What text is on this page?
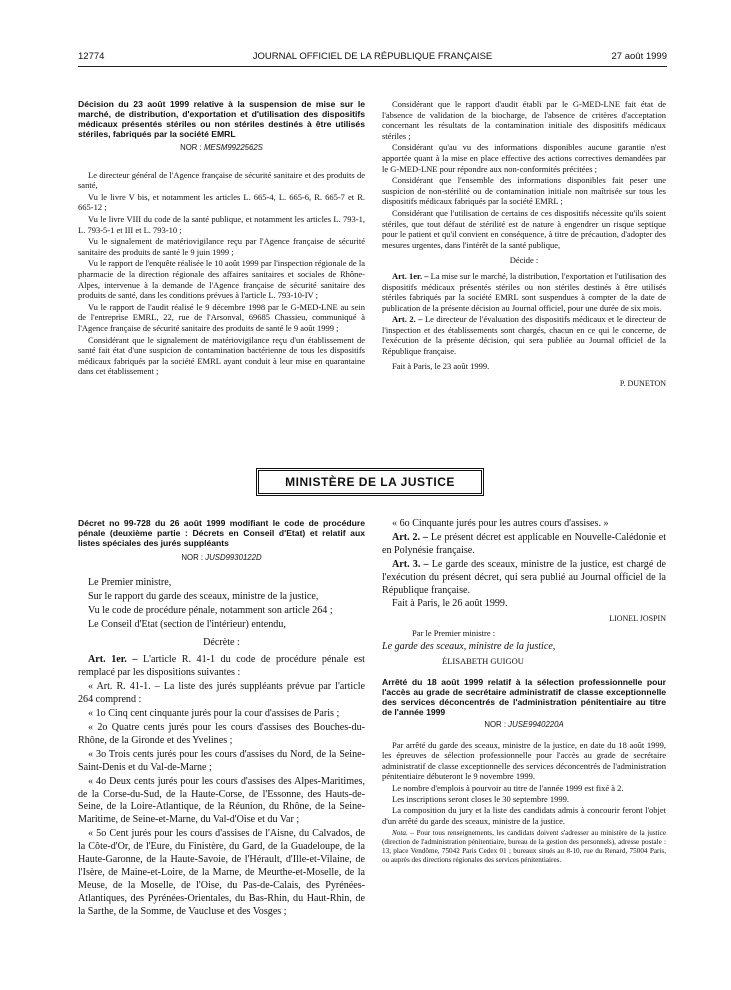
12774	JOURNAL OFFICIEL DE LA RÉPUBLIQUE FRANÇAISE	27 août 1999

Décision du 23 août 1999 relative à la suspension de mise sur le marché, de distribution, d'exportation et d'utilisation des dispositifs médicaux présentés stériles ou non stériles destinés à être utilisés stériles, fabriqués par la société EMRL

NOR : MESM9922562S

Le directeur général de l'Agence française de sécurité sanitaire et des produits de santé,

Vu le livre V bis, et notamment les articles L. 665-4, L. 665-6, R. 665-7 et R. 665-12 ;

Vu le livre VIII du code de la santé publique, et notamment les articles L. 793-1, L. 793-5-1 et III et L. 793-10 ;

Vu le signalement de matériovigilance reçu par l'Agence française de sécurité sanitaire des produits de santé le 9 juin 1999 ;

Vu le rapport de l'enquête réalisée le 10 août 1999 par l'inspection régionale de la pharmacie de la direction régionale des affaires sanitaires et sociales de Rhône-Alpes, intervenue à la demande de l'Agence française de sécurité sanitaire des produits de santé, dans les conditions prévues à l'article L. 793-10-IV ;

Vu le rapport de l'audit réalisé le 9 décembre 1998 par le G-MED-LNE au sein de l'entreprise EMRL, 22, rue de l'Arsonval, 69685 Chassieu, communiqué à l'Agence française de sécurité sanitaire des produits de santé le 9 août 1999 ;

Considérant que le signalement de matériovigilance reçu d'un établissement de santé fait état d'une suspicion de contamination bactérienne de tous les dispositifs médicaux fabriqués par la société EMRL ayant conduit à leur mise en quarantaine dans cet établissement ;

Considérant que le rapport d'audit établi par le G-MED-LNE fait état de l'absence de validation de la biocharge, de l'absence de critères d'acceptation concernant les résultats de la contamination initiale des dispositifs médicaux stériles ;

Considérant qu'au vu des informations disponibles aucune garantie n'est apportée quant à la mise en place effective des actions correctives demandées par le G-MED-LNE pour répondre aux non-conformités précitées ;

Considérant que l'ensemble des informations disponibles fait peser une suspicion de non-stérilité ou de contamination initiale non maîtrisée sur tous les dispositifs médicaux fabriqués par la société EMRL ;

Considérant que l'utilisation de certains de ces dispositifs nécessite qu'ils soient stériles, que tout défaut de stérilité est de nature à engendrer un risque septique pour le patient et qu'il convient en conséquence, à titre de précaution, d'adopter des mesures urgentes, dans l'intérêt de la santé publique,

Décide :

Art. 1er. – La mise sur le marché, la distribution, l'exportation et l'utilisation des dispositifs médicaux présentés stériles ou non stériles destinés à être utilisés stériles fabriqués par la société EMRL sont suspendues à compter de la date de publication de la présente décision au Journal officiel, pour une durée de six mois.

Art. 2. – Le directeur de l'évaluation des dispositifs médicaux et le directeur de l'inspection et des établissements sont chargés, chacun en ce qui le concerne, de l'exécution de la présente décision, qui sera publiée au Journal officiel de la République française.

Fait à Paris, le 23 août 1999.

P. DUNETON

MINISTÈRE DE LA JUSTICE

Décret no 99-728 du 26 août 1999 modifiant le code de procédure pénale (deuxième partie : Décrets en Conseil d'Etat) et relatif aux listes spéciales des jurés suppléants

NOR : JUSD9930122D

Le Premier ministre,

Sur le rapport du garde des sceaux, ministre de la justice,

Vu le code de procédure pénale, notamment son article 264 ;

Le Conseil d'Etat (section de l'intérieur) entendu,

Décrète :

Art. 1er. – L'article R. 41-1 du code de procédure pénale est remplacé par les dispositions suivantes :

« Art. R. 41-1. – La liste des jurés suppléants prévue par l'article 264 comprend :

« 1o Cinq cent cinquante jurés pour la cour d'assises de Paris ;

« 2o Quatre cents jurés pour les cours d'assises des Bouches-du-Rhône, de la Gironde et des Yvelines ;

« 3o Trois cents jurés pour les cours d'assises du Nord, de la Seine-Saint-Denis et du Val-de-Marne ;

« 4o Deux cents jurés pour les cours d'assises des Alpes-Maritimes, de la Corse-du-Sud, de la Haute-Corse, de l'Essonne, des Hauts-de-Seine, de la Loire-Atlantique, de la Réunion, du Rhône, de la Seine-Maritime, de Seine-et-Marne, du Val-d'Oise et du Var ;

« 5o Cent jurés pour les cours d'assises de l'Aisne, du Calvados, de la Côte-d'Or, de l'Eure, du Finistère, du Gard, de la Guadeloupe, de la Haute-Garonne, de la Haute-Savoie, de l'Hérault, d'Ille-et-Vilaine, de l'Isère, de Maine-et-Loire, de la Marne, de Meurthe-et-Moselle, de la Meuse, de la Moselle, de l'Oise, du Pas-de-Calais, des Pyrénées-Atlantiques, des Pyrénées-Orientales, du Bas-Rhin, du Haut-Rhin, de la Sarthe, de la Somme, de Vaucluse et des Vosges ;

« 6o Cinquante jurés pour les autres cours d'assises. »

Art. 2. – Le présent décret est applicable en Nouvelle-Calédonie et en Polynésie française.

Art. 3. – Le garde des sceaux, ministre de la justice, est chargé de l'exécution du présent décret, qui sera publié au Journal officiel de la République française.

Fait à Paris, le 26 août 1999.

LIONEL JOSPIN

Par le Premier ministre :

Le garde des sceaux, ministre de la justice,

ÉLISABETH GUIGOU

Arrêté du 18 août 1999 relatif à la sélection professionnelle pour l'accès au grade de secrétaire administratif de classe exceptionnelle des services déconcentrés de l'administration pénitentiaire au titre de l'année 1999

NOR : JUSE9940220A

Par arrêté du garde des sceaux, ministre de la justice, en date du 18 août 1999, les épreuves de sélection professionnelle pour l'accès au grade de secrétaire administratif de classe exceptionnelle des services déconcentrés de l'administration pénitentiaire débuteront le 9 novembre 1999.

Le nombre d'emplois à pourvoir au titre de l'année 1999 est fixé à 2.

Les inscriptions seront closes le 30 septembre 1999.

La composition du jury et la liste des candidats admis à concourir feront l'objet d'un arrêté du garde des sceaux, ministre de la justice.

Nota. – Pour tous renseignements, les candidats doivent s'adresser au ministère de la justice (direction de l'administration pénitentiaire, bureau de la gestion des personnels), adresse postale : 13, place Vendôme, 75042 Paris Cedex 01 ; bureaux situés au 8-10, rue du Renard, 75004 Paris, ou auprès des directions régionales des services pénitentiaires.
